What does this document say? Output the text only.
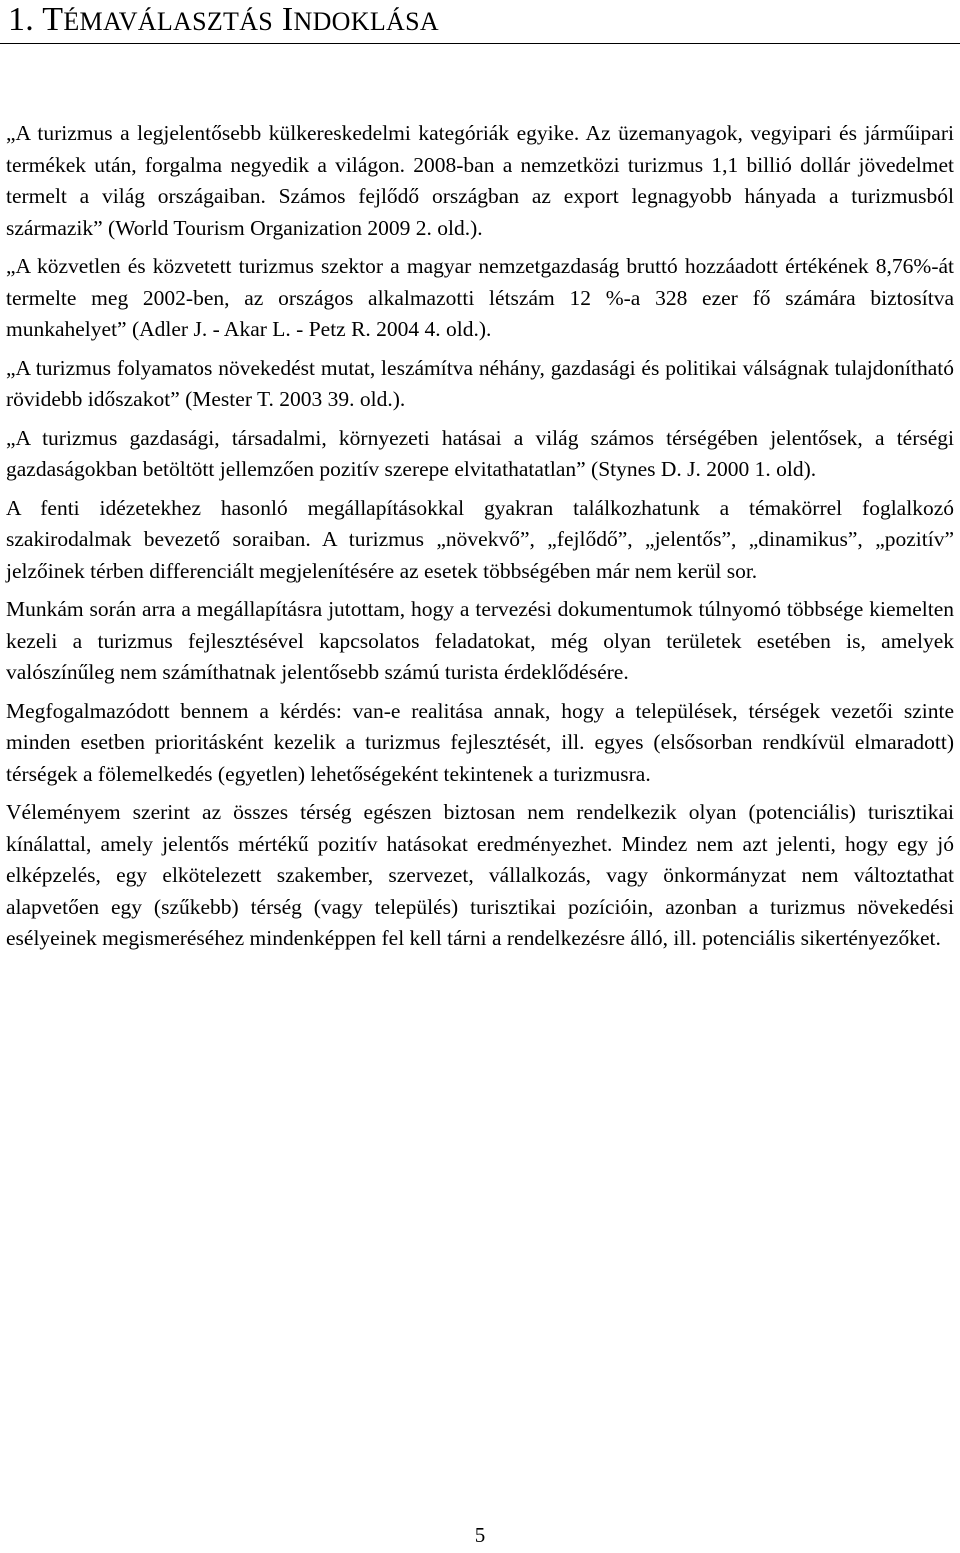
1. TÉMAVÁLASZTÁS INDOKLÁSA

„A turizmus a legjelentősebb külkereskedelmi kategóriák egyike. Az üzemanyagok, vegyipari és járműipari termékek után, forgalma negyedik a világon. 2008-ban a nemzetközi turizmus 1,1 billió dollár jövedelmet termelt a világ országaiban. Számos fejlődő országban az export legnagyobb hányada a turizmusból származik” (World Tourism Organization 2009 2. old.).

„A közvetlen és közvetett turizmus szektor a magyar nemzetgazdaság bruttó hozzáadott értékének 8,76%-át termelte meg 2002-ben, az országos alkalmazotti létszám 12 %-a 328 ezer fő számára biztosítva munkahelyet” (Adler J. - Akar L. - Petz R. 2004 4. old.).

„A turizmus folyamatos növekedést mutat, leszámítva néhány, gazdasági és politikai válságnak tulajdonítható rövidebb időszakot” (Mester T. 2003 39. old.).

„A turizmus gazdasági, társadalmi, környezeti hatásai a világ számos térségében jelentősek, a térségi gazdaságokban betöltött jellemzően pozitív szerepe elvitathatatlan” (Stynes D. J. 2000 1. old).

A fenti idézetekhez hasonló megállapításokkal gyakran találkozhatunk a témakörrel foglalkozó szakirodalmak bevezető soraiban. A turizmus „növekvő”, „fejlődő”, „jelentős”, „dinamikus”, „pozitív” jelzőinek térben differenciált megjelenítésére az esetek többségében már nem kerül sor.

Munkám során arra a megállapításra jutottam, hogy a tervezési dokumentumok túlnyomó többsége kiemelten kezeli a turizmus fejlesztésével kapcsolatos feladatokat, még olyan területek esetében is, amelyek valószínűleg nem számíthatnak jelentősebb számú turista érdeklődésére.

Megfogalmazódott bennem a kérdés: van-e realitása annak, hogy a települések, térségek vezetői szinte minden esetben prioritásként kezelik a turizmus fejlesztését, ill. egyes (elsősorban rendkívül elmaradott) térségek a fölemelkedés (egyetlen) lehetőségeként tekintenek a turizmusra.

Véleményem szerint az összes térség egészen biztosan nem rendelkezik olyan (potenciális) turisztikai kínálattal, amely jelentős mértékű pozitív hatásokat eredményezhet. Mindez nem azt jelenti, hogy egy jó elképzelés, egy elkötelezett szakember, szervezet, vállalkozás, vagy önkormányzat nem változtathat alapvetően egy (szűkebb) térség (vagy település) turisztikai pozícióin, azonban a turizmus növekedési esélyeinek megismeréséhez mindenképpen fel kell tárni a rendelkezésre álló, ill. potenciális sikertényezőket.

5
